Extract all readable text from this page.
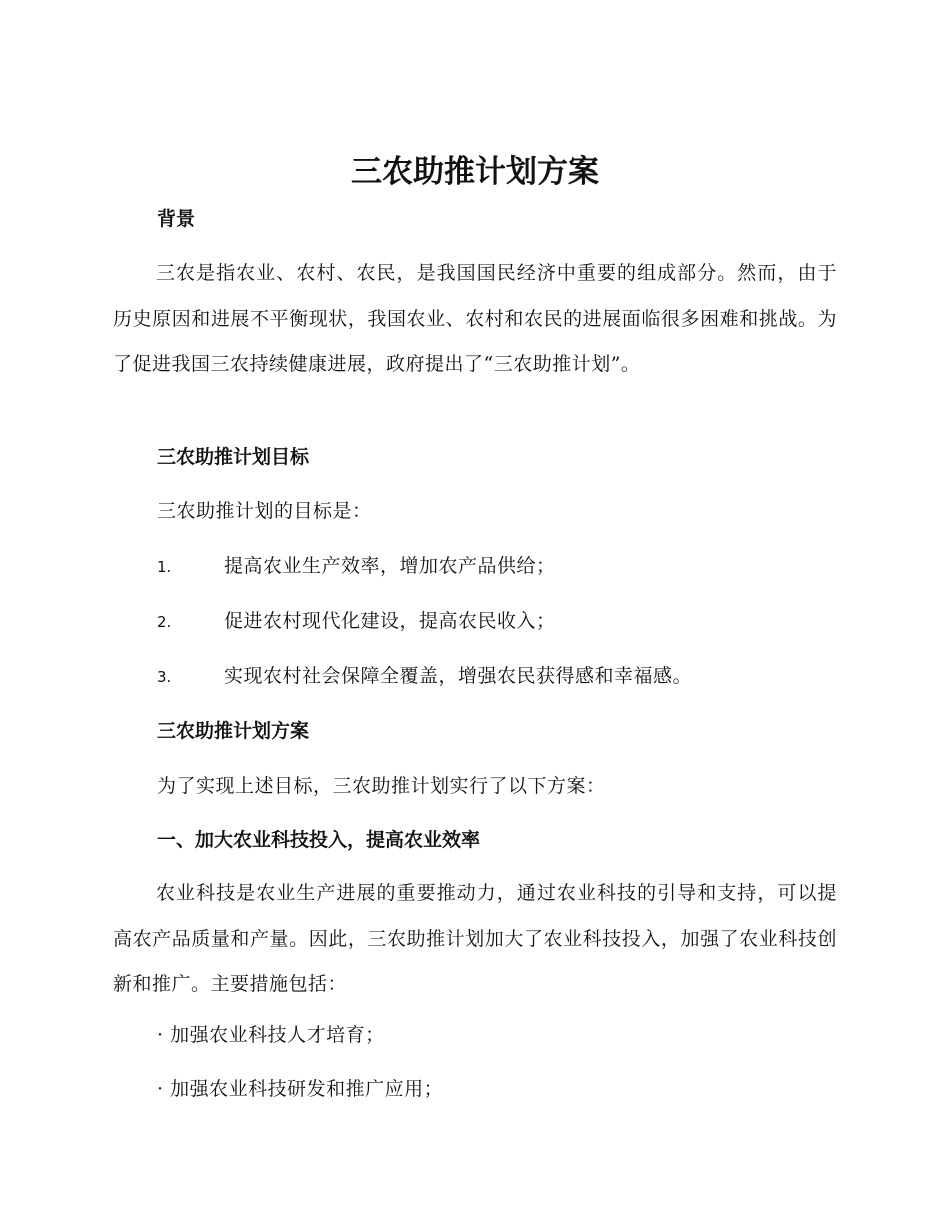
三农助推计划方案
背景

三农是指农业、农村、农民，是我国国民经济中重要的组成部分。然而，由于历史原因和进展不平衡现状，我国农业、农村和农民的进展面临很多困难和挑战。为了促进我国三农持续健康进展，政府提出了“三农助推计划”。

三农助推计划目标

三农助推计划的目标是：

1.	提高农业生产效率，增加农产品供给；

2.	促进农村现代化建设，提高农民收入；

3.	实现农村社会保障全覆盖，增强农民获得感和幸福感。

三农助推计划方案

为了实现上述目标，三农助推计划实行了以下方案：

一、加大农业科技投入，提高农业效率

农业科技是农业生产进展的重要推动力，通过农业科技的引导和支持，可以提高农产品质量和产量。因此，三农助推计划加大了农业科技投入，加强了农业科技创新和推广。主要措施包括：

· 加强农业科技人才培育；

· 加强农业科技研发和推广应用；
